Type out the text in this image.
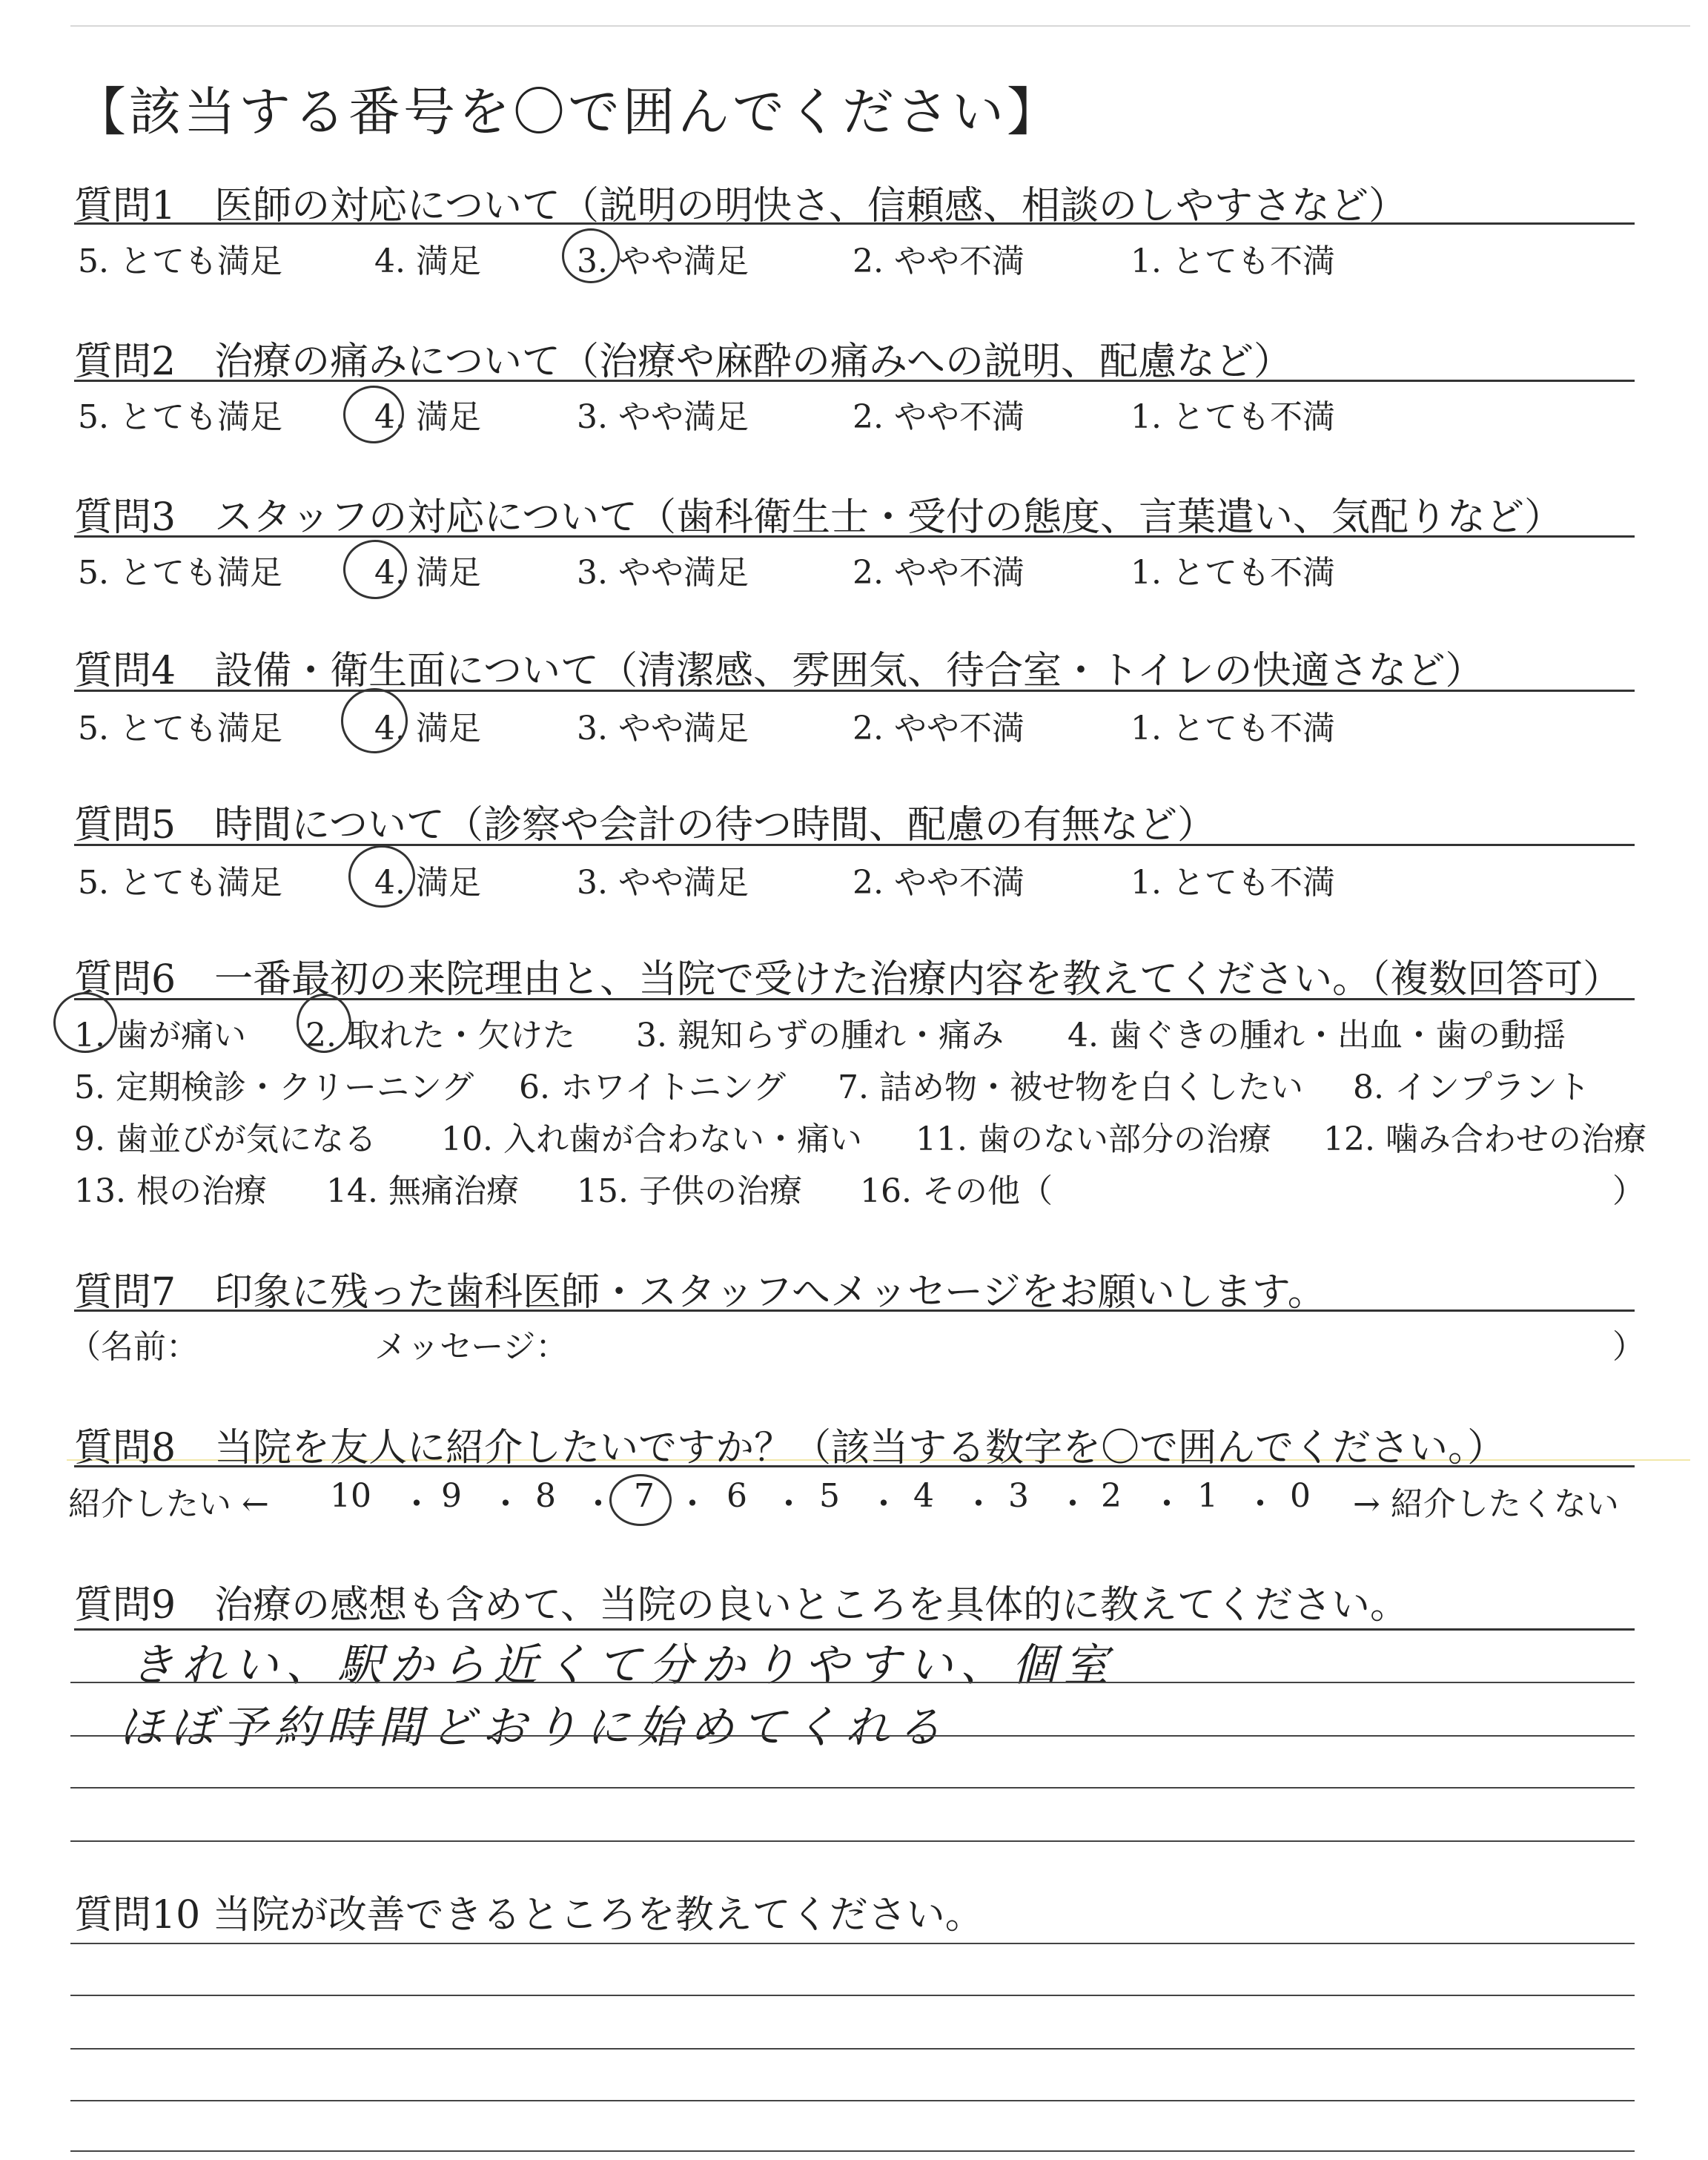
【該当する番号を〇で囲んでください】
質問1　医師の対応について（説明の明快さ、信頼感、相談のしやすさなど）
5. とても満足	4. 満足	3. やや満足	2. やや不満	1. とても不満
質問2　治療の痛みについて（治療や麻酔の痛みへの説明、配慮など）
5. とても満足	4. 満足	3. やや満足	2. やや不満	1. とても不満
質問3　スタッフの対応について（歯科衛生士・受付の態度、言葉遣い、気配りなど）
5. とても満足	4. 満足	3. やや満足	2. やや不満	1. とても不満
質問4　設備・衛生面について（清潔感、雰囲気、待合室・トイレの快適さなど）
5. とても満足	4. 満足	3. やや満足	2. やや不満	1. とても不満
質問5　時間について（診察や会計の待つ時間、配慮の有無など）
5. とても満足	4. 満足	3. やや満足	2. やや不満	1. とても不満
質問6　一番最初の来院理由と、当院で受けた治療内容を教えてください。（複数回答可）
1. 歯が痛い 2. 取れた・欠けた 3. 親知らずの腫れ・痛み 4. 歯ぐきの腫れ・出血・歯の動揺
5. 定期検診・クリーニング 6. ホワイトニング 7. 詰め物・被せ物を白くしたい 8. インプラント
9. 歯並びが気になる 10. 入れ歯が合わない・痛い 11. 歯のない部分の治療 12. 噛み合わせの治療
13. 根の治療 14. 無痛治療 15. 子供の治療 16. その他（	）
質問7　印象に残った歯科医師・スタッフへメッセージをお願いします。
（名前：	メッセージ：	）
質問8　当院を友人に紹介したいですか？（該当する数字を〇で囲んでください。）
紹介したい ← 10 ・ 9 ・ 8 ・ 7 ・ 6 ・ 5 ・ 4 ・ 3 ・ 2 ・ 1 ・ 0 → 紹介したくない
質問9　治療の感想も含めて、当院の良いところを具体的に教えてください。
きれい、駅から近くて分かりやすい、個室
ほぼ予約時間どおりに始めてくれる
質問10 当院が改善できるところを教えてください。
